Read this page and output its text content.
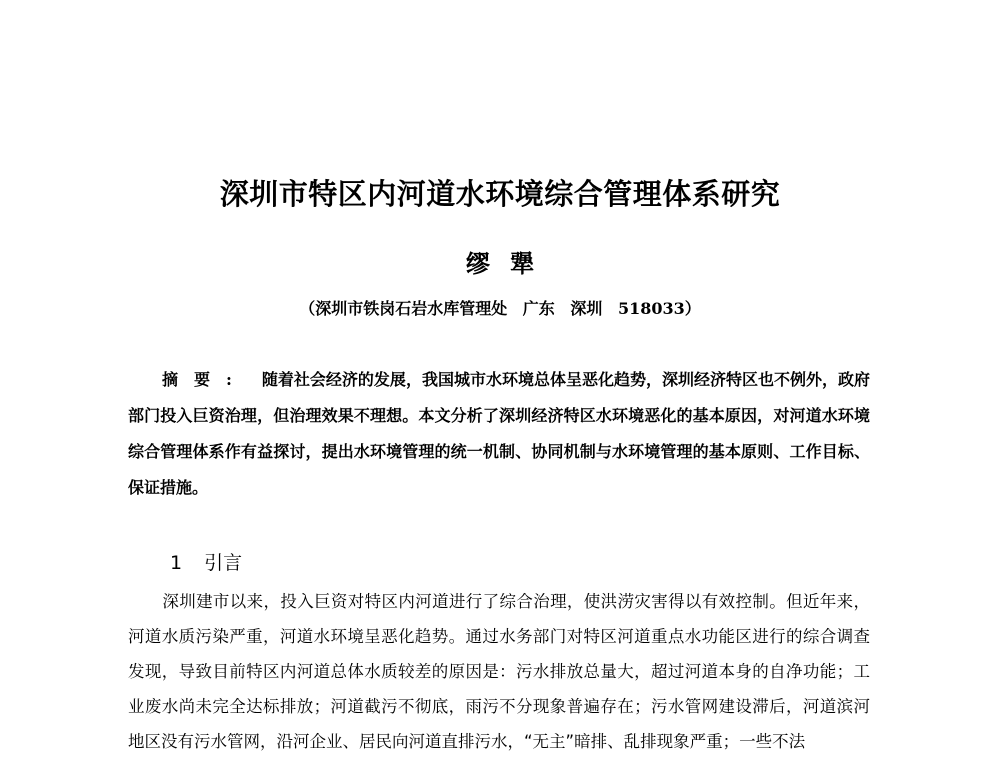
深圳市特区内河道水环境综合管理体系研究
缪犟
（深圳市铁岗石岩水库管理处 广东 深圳 518033）
摘要: 随着社会经济的发展，我国城市水环境总体呈恶化趋势，深圳经济特区也不例外，政府部门投入巨资治理，但治理效果不理想。本文分析了深圳经济特区水环境恶化的基本原因，对河道水环境综合管理体系作有益探讨，提出水环境管理的统一机制、协同机制与水环境管理的基本原则、工作目标、保证措施。
1 引言
深圳建市以来，投入巨资对特区内河道进行了综合治理，使洪涝灾害得以有效控制。但近年来，河道水质污染严重，河道水环境呈恶化趋势。通过水务部门对特区河道重点水功能区进行的综合调查发现，导致目前特区内河道总体水质较差的原因是：污水排放总量大，超过河道本身的自净功能；工业废水尚未完全达标排放；河道截污不彻底，雨污不分现象普遍存在；污水管网建设滞后，河道滨河地区没有污水管网，沿河企业、居民向河道直排污水，“无主”暗排、乱排现象严重；一些不法
